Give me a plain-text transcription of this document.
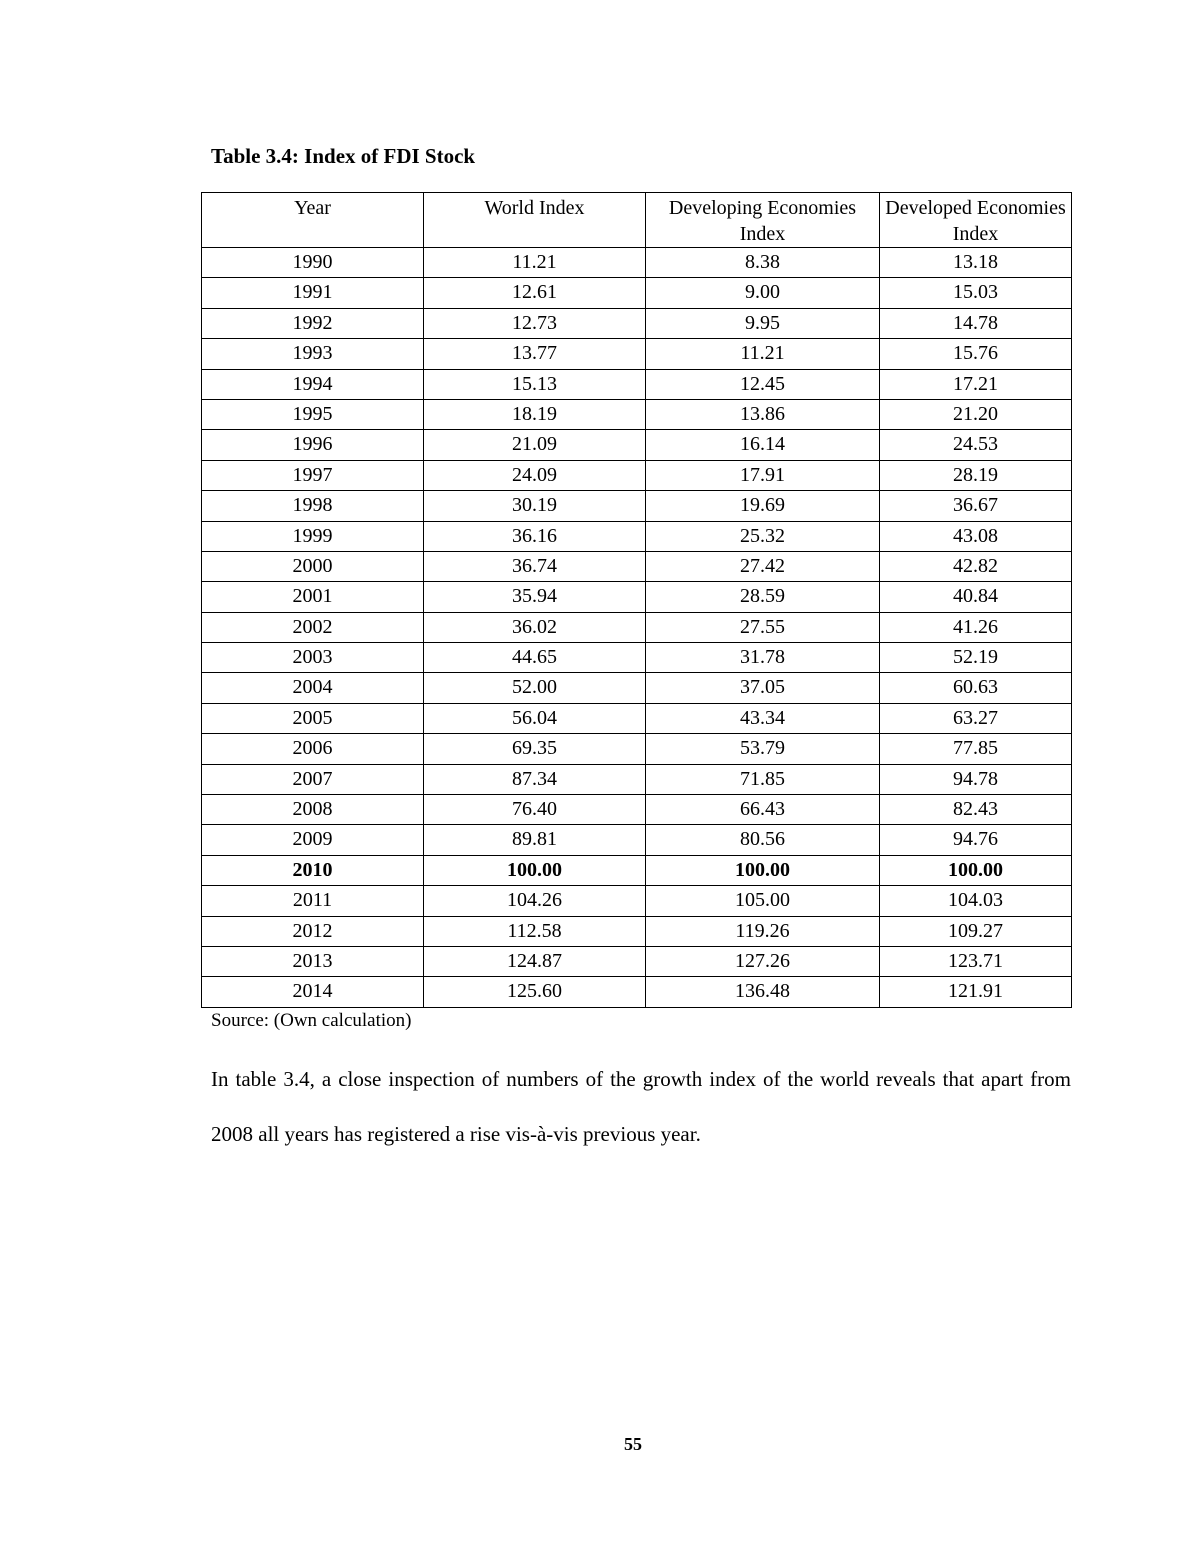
Table 3.4: Index of FDI Stock
Year	World Index	Developing Economies Index	Developed Economies Index
1990	11.21	8.38	13.18
1991	12.61	9.00	15.03
1992	12.73	9.95	14.78
1993	13.77	11.21	15.76
1994	15.13	12.45	17.21
1995	18.19	13.86	21.20
1996	21.09	16.14	24.53
1997	24.09	17.91	28.19
1998	30.19	19.69	36.67
1999	36.16	25.32	43.08
2000	36.74	27.42	42.82
2001	35.94	28.59	40.84
2002	36.02	27.55	41.26
2003	44.65	31.78	52.19
2004	52.00	37.05	60.63
2005	56.04	43.34	63.27
2006	69.35	53.79	77.85
2007	87.34	71.85	94.78
2008	76.40	66.43	82.43
2009	89.81	80.56	94.76
2010	100.00	100.00	100.00
2011	104.26	105.00	104.03
2012	112.58	119.26	109.27
2013	124.87	127.26	123.71
2014	125.60	136.48	121.91
Source: (Own calculation)
In table 3.4, a close inspection of numbers of the growth index of the world reveals that apart from 2008 all years has registered a rise vis-à-vis previous year.
55
